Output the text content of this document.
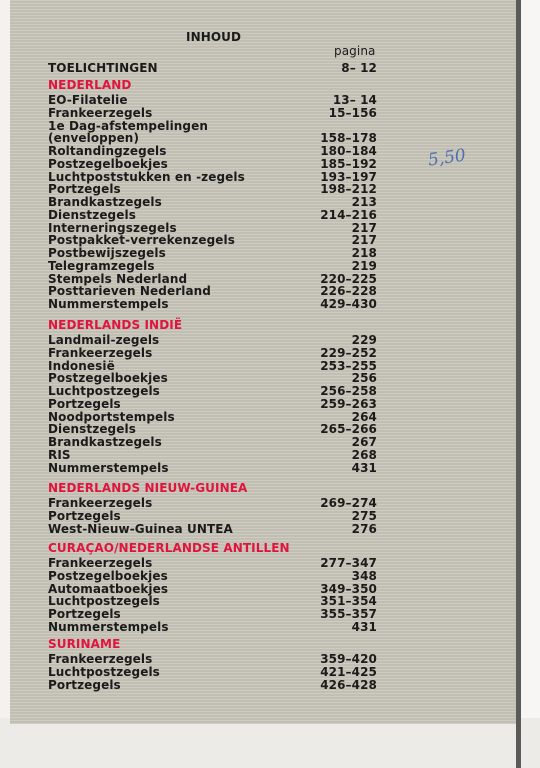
INHOUD
pagina
TOELICHTINGEN	8– 12
5,50
NEDERLAND
EO-Filatelie	13– 14
Frankeerzegels	15–156
1e Dag-afstempelingen
(enveloppen)	158–178
Roltandingzegels	180–184
Postzegelboekjes	185–192
Luchtpoststukken en -zegels	193–197
Portzegels	198–212
Brandkastzegels	213
Dienstzegels	214–216
Interneringszegels	217
Postpakket-verrekenzegels	217
Postbewijszegels	218
Telegramzegels	219
Stempels Nederland	220–225
Posttarieven Nederland	226–228
Nummerstempels	429–430
NEDERLANDS INDIË
Landmail-zegels	229
Frankeerzegels	229–252
Indonesië	253–255
Postzegelboekjes	256
Luchtpostzegels	256–258
Portzegels	259–263
Noodportstempels	264
Dienstzegels	265–266
Brandkastzegels	267
RIS	268
Nummerstempels	431
NEDERLANDS NIEUW-GUINEA
Frankeerzegels	269–274
Portzegels	275
West-Nieuw-Guinea UNTEA	276
CURAÇAO/NEDERLANDSE ANTILLEN
Frankeerzegels	277–347
Postzegelboekjes	348
Automaatboekjes	349–350
Luchtpostzegels	351–354
Portzegels	355–357
Nummerstempels	431
SURINAME
Frankeerzegels	359–420
Luchtpostzegels	421–425
Portzegels	426–428
